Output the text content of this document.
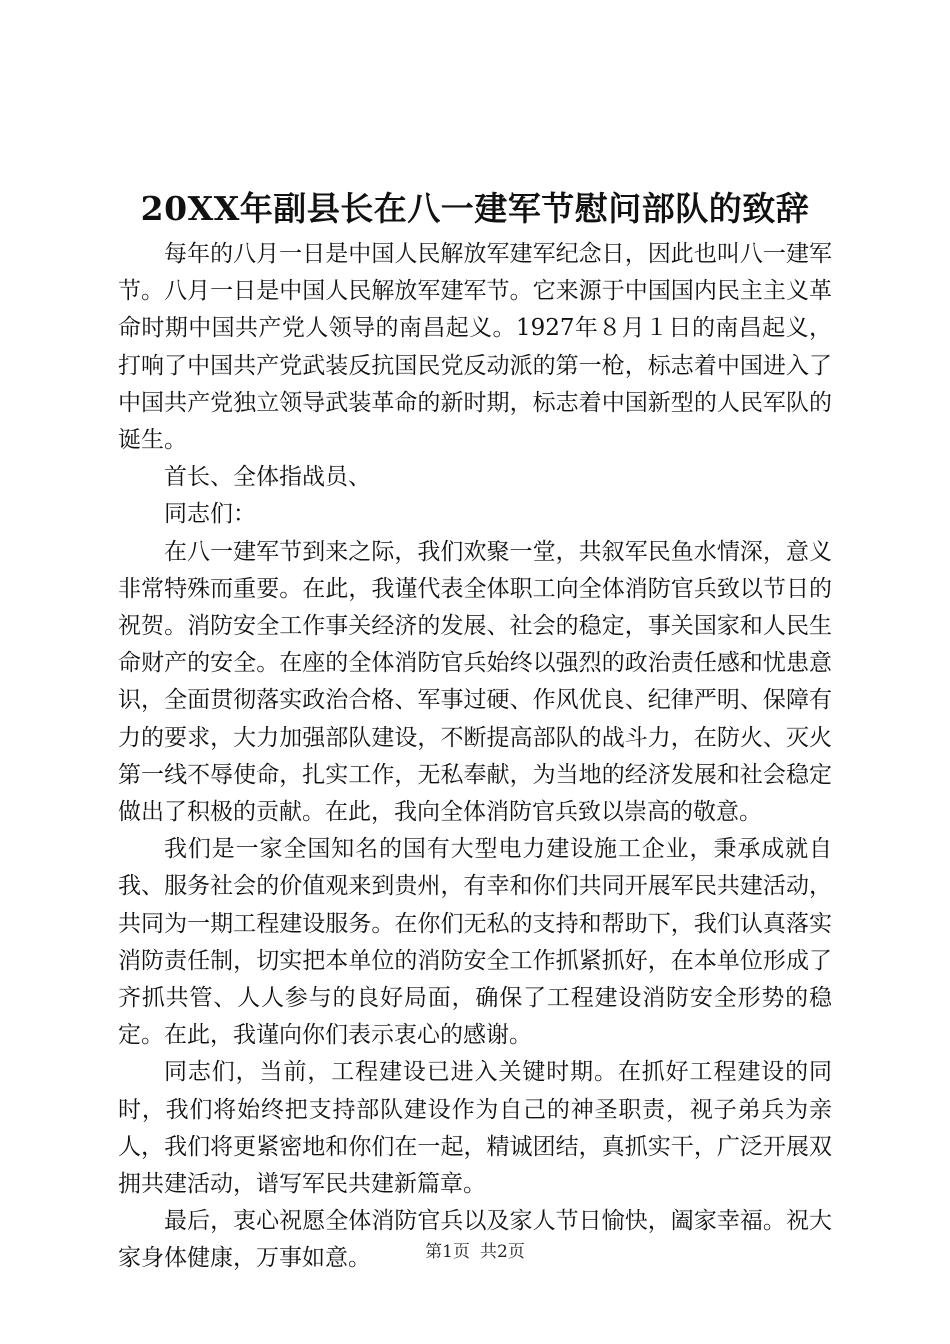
20XX年副县长在八一建军节慰问部队的致辞

每年的八月一日是中国人民解放军建军纪念日，因此也叫八一建军节。八月一日是中国人民解放军建军节。它来源于中国国内民主主义革命时期中国共产党人领导的南昌起义。1927年８月１日的南昌起义，打响了中国共产党武装反抗国民党反动派的第一枪，标志着中国进入了中国共产党独立领导武装革命的新时期，标志着中国新型的人民军队的诞生。

首长、全体指战员、

同志们：

在八一建军节到来之际，我们欢聚一堂，共叙军民鱼水情深，意义非常特殊而重要。在此，我谨代表全体职工向全体消防官兵致以节日的祝贺。消防安全工作事关经济的发展、社会的稳定，事关国家和人民生命财产的安全。在座的全体消防官兵始终以强烈的政治责任感和忧患意识，全面贯彻落实政治合格、军事过硬、作风优良、纪律严明、保障有力的要求，大力加强部队建设，不断提高部队的战斗力，在防火、灭火第一线不辱使命，扎实工作，无私奉献，为当地的经济发展和社会稳定做出了积极的贡献。在此，我向全体消防官兵致以崇高的敬意。

我们是一家全国知名的国有大型电力建设施工企业，秉承成就自我、服务社会的价值观来到贵州，有幸和你们共同开展军民共建活动，共同为一期工程建设服务。在你们无私的支持和帮助下，我们认真落实消防责任制，切实把本单位的消防安全工作抓紧抓好，在本单位形成了齐抓共管、人人参与的良好局面，确保了工程建设消防安全形势的稳定。在此，我谨向你们表示衷心的感谢。

同志们，当前，工程建设已进入关键时期。在抓好工程建设的同时，我们将始终把支持部队建设作为自己的神圣职责，视子弟兵为亲人，我们将更紧密地和你们在一起，精诚团结，真抓实干，广泛开展双拥共建活动，谱写军民共建新篇章。

最后，衷心祝愿全体消防官兵以及家人节日愉快，阖家幸福。祝大家身体健康，万事如意。	第1页 共2页
